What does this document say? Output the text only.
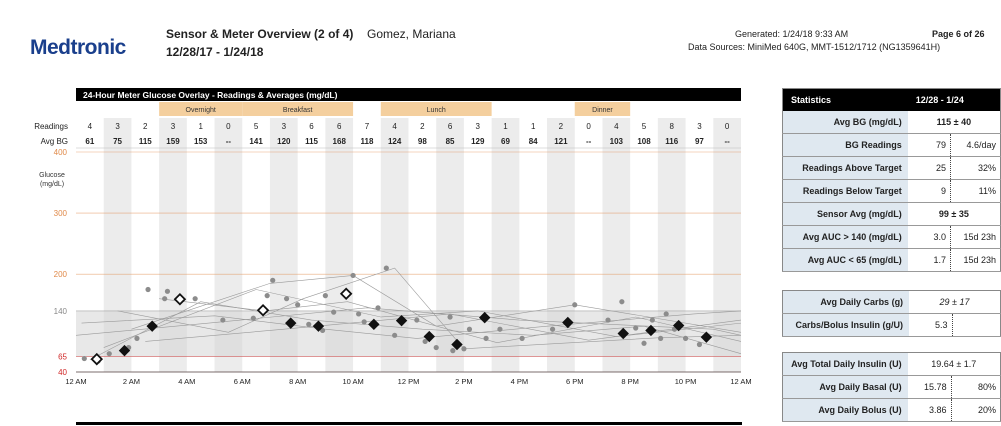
Medtronic
Sensor & Meter Overview (2 of 4) Gomez, Mariana
12/28/17 - 1/24/18
Generated: 1/24/18 9:33 AM	Page 6 of 26
Data Sources: MiniMed 640G, MMT-1512/1712 (NG1359641H)
24-Hour Meter Glucose Overlay - Readings & Averages (mg/dL)
Overnight	Breakfast	Lunch	Dinner
Readings
Avg BG
4	3	2	3	1	0	5	3	6	6	7	4	2	6	3	1	1	2	0	4	5	8	3	0
61 75 115 159 153 -- 141 120 115 168 118 124 98 85 129 69 84 121 -- 103 108 116 97	--
40
65
140
200
300
400
Glucose
(mg/dL)
12 AM	2 AM	4 AM	6 AM	8 AM	10 AM	12 PM	2 PM	4 PM	6 PM	8 PM	10 PM	12 AM
Statistics	12/28 - 1/24	
Avg BG (mg/dL)	115 ± 40	
BG Readings	79	4.6/day
Readings Above Target	25	32%
Readings Below Target	9	11%
Sensor Avg (mg/dL)	99 ± 35	
Avg AUC > 140 (mg/dL)	3.0	15d 23h
Avg AUC < 65 (mg/dL)	1.7	15d 23h
Avg Daily Carbs (g)	29 ± 17	
Carbs/Bolus Insulin (g/U)	5.3	
Avg Total Daily Insulin (U)	19.64 ± 1.7	
Avg Daily Basal (U)	15.78	80%
Avg Daily Bolus (U)	3.86	20%
